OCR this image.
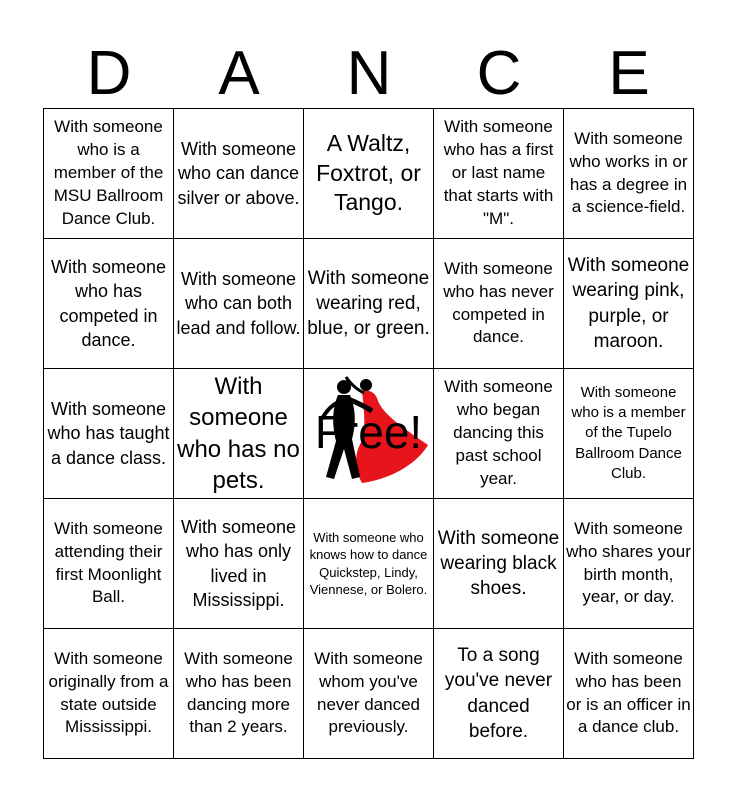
D	A	N	C	E
With someone who is a member of the MSU Ballroom Dance Club.	With someone who can dance silver or above.	A Waltz, Foxtrot, or Tango.	With someone who has a first or last name that starts with "M".	With someone who works in or has a degree in a science-field.
With someone who has competed in dance.	With someone who can both lead and follow.	With someone wearing red, blue, or green.	With someone who has never competed in dance.	With someone wearing pink, purple, or maroon.
With someone who has taught a dance class.	With someone who has no pets.	Free!	With someone who began dancing this past school year.	With someone who is a member of the Tupelo Ballroom Dance Club.
With someone attending their first Moonlight Ball.	With someone who has only lived in Mississippi.	With someone who knows how to dance Quickstep, Lindy, Viennese, or Bolero.	With someone wearing black shoes.	With someone who shares your birth month, year, or day.
With someone originally from a state outside Mississippi.	With someone who has been dancing more than 2 years.	With someone whom you've never danced previously.	To a song you've never danced before.	With someone who has been or is an officer in a dance club.
